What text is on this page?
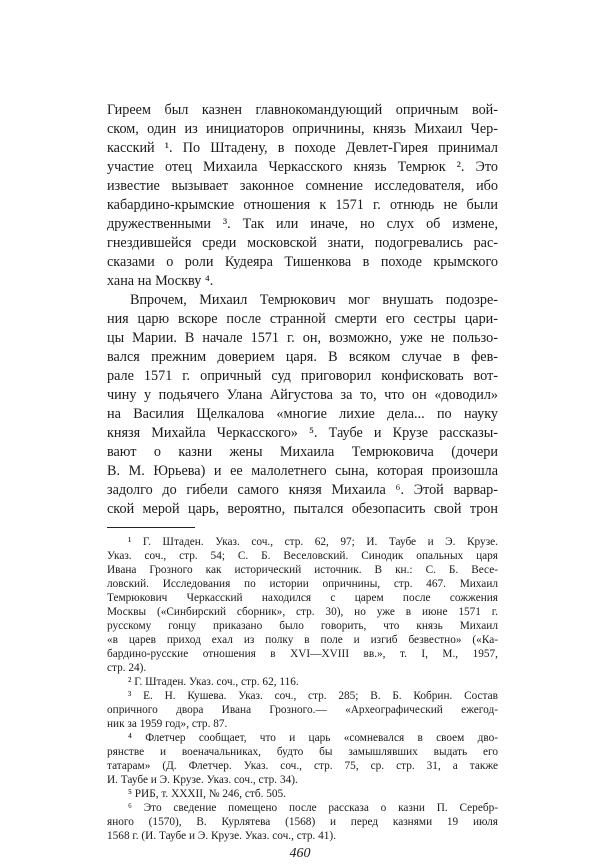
Гиреем был казнен главнокомандующий опричным вой-
ском, один из инициаторов опричнины, князь Михаил Чер-
касский ¹. По Штадену, в походе Девлет-Гирея принимал
участие отец Михаила Черкасского князь Темрюк ². Это
известие вызывает законное сомнение исследователя, ибо
кабардино-крымские отношения к 1571 г. отнюдь не были
дружественными ³. Так или иначе, но слух об измене,
гнездившейся среди московской знати, подогревались рас-
сказами о роли Кудеяра Тишенкова в походе крымского
хана на Москву ⁴.
Впрочем, Михаил Темрюкович мог внушать подозре-
ния царю вскоре после странной смерти его сестры цари-
цы Марии. В начале 1571 г. он, возможно, уже не пользо-
вался прежним доверием царя. В всяком случае в фев-
рале 1571 г. опричный суд приговорил конфисковать вот-
чину у подьячего Улана Айгустова за то, что он «доводил»
на Василия Щелкалова «многие лихие дела... по науку
князя Михайла Черкасского» ⁵. Таубе и Крузе рассказы-
вают о казни жены Михаила Темрюковича (дочери
В. М. Юрьева) и ее малолетнего сына, которая произошла
задолго до гибели самого князя Михаила ⁶. Этой варвар-
ской мерой царь, вероятно, пытался обезопасить свой трон
¹ Г. Штаден. Указ. соч., стр. 62, 97; И. Таубе и Э. Крузе.
Указ. соч., стр. 54; С. Б. Веселовский. Синодик опальных царя
Ивана Грозного как исторический источник. В кн.: С. Б. Весе-
ловский. Исследования по истории опричнины, стр. 467. Михаил
Темрюкович Черкасский находился с царем после сожжения
Москвы («Синбирский сборник», стр. 30), но уже в июне 1571 г.
русскому гонцу приказано было говорить, что князь Михаил
«в царев приход ехал из полку в поле и изгиб безвестно» («Ка-
бардино-русские отношения в XVI—XVIII вв.», т. I, М., 1957,
стр. 24).
² Г. Штаден. Указ. соч., стр. 62, 116.
³ Е. Н. Кушева. Указ. соч., стр. 285; В. Б. Кобрин. Состав
опричного двора Ивана Грозного.— «Археографический ежегод-
ник за 1959 год», стр. 87.
⁴ Флетчер сообщает, что и царь «сомневался в своем дво-
рянстве и военачальниках, будто бы замышлявших выдать его
татарам» (Д. Флетчер. Указ. соч., стр. 75, ср. стр. 31, а также
И. Таубе и Э. Крузе. Указ. соч., стр. 34).
⁵ РИБ, т. XXXII, № 246, стб. 505.
⁶ Это сведение помещено после рассказа о казни П. Серебр-
яного (1570), В. Курлятева (1568) и перед казнями 19 июля
1568 г. (И. Таубе и Э. Крузе. Указ. соч., стр. 41).
460
